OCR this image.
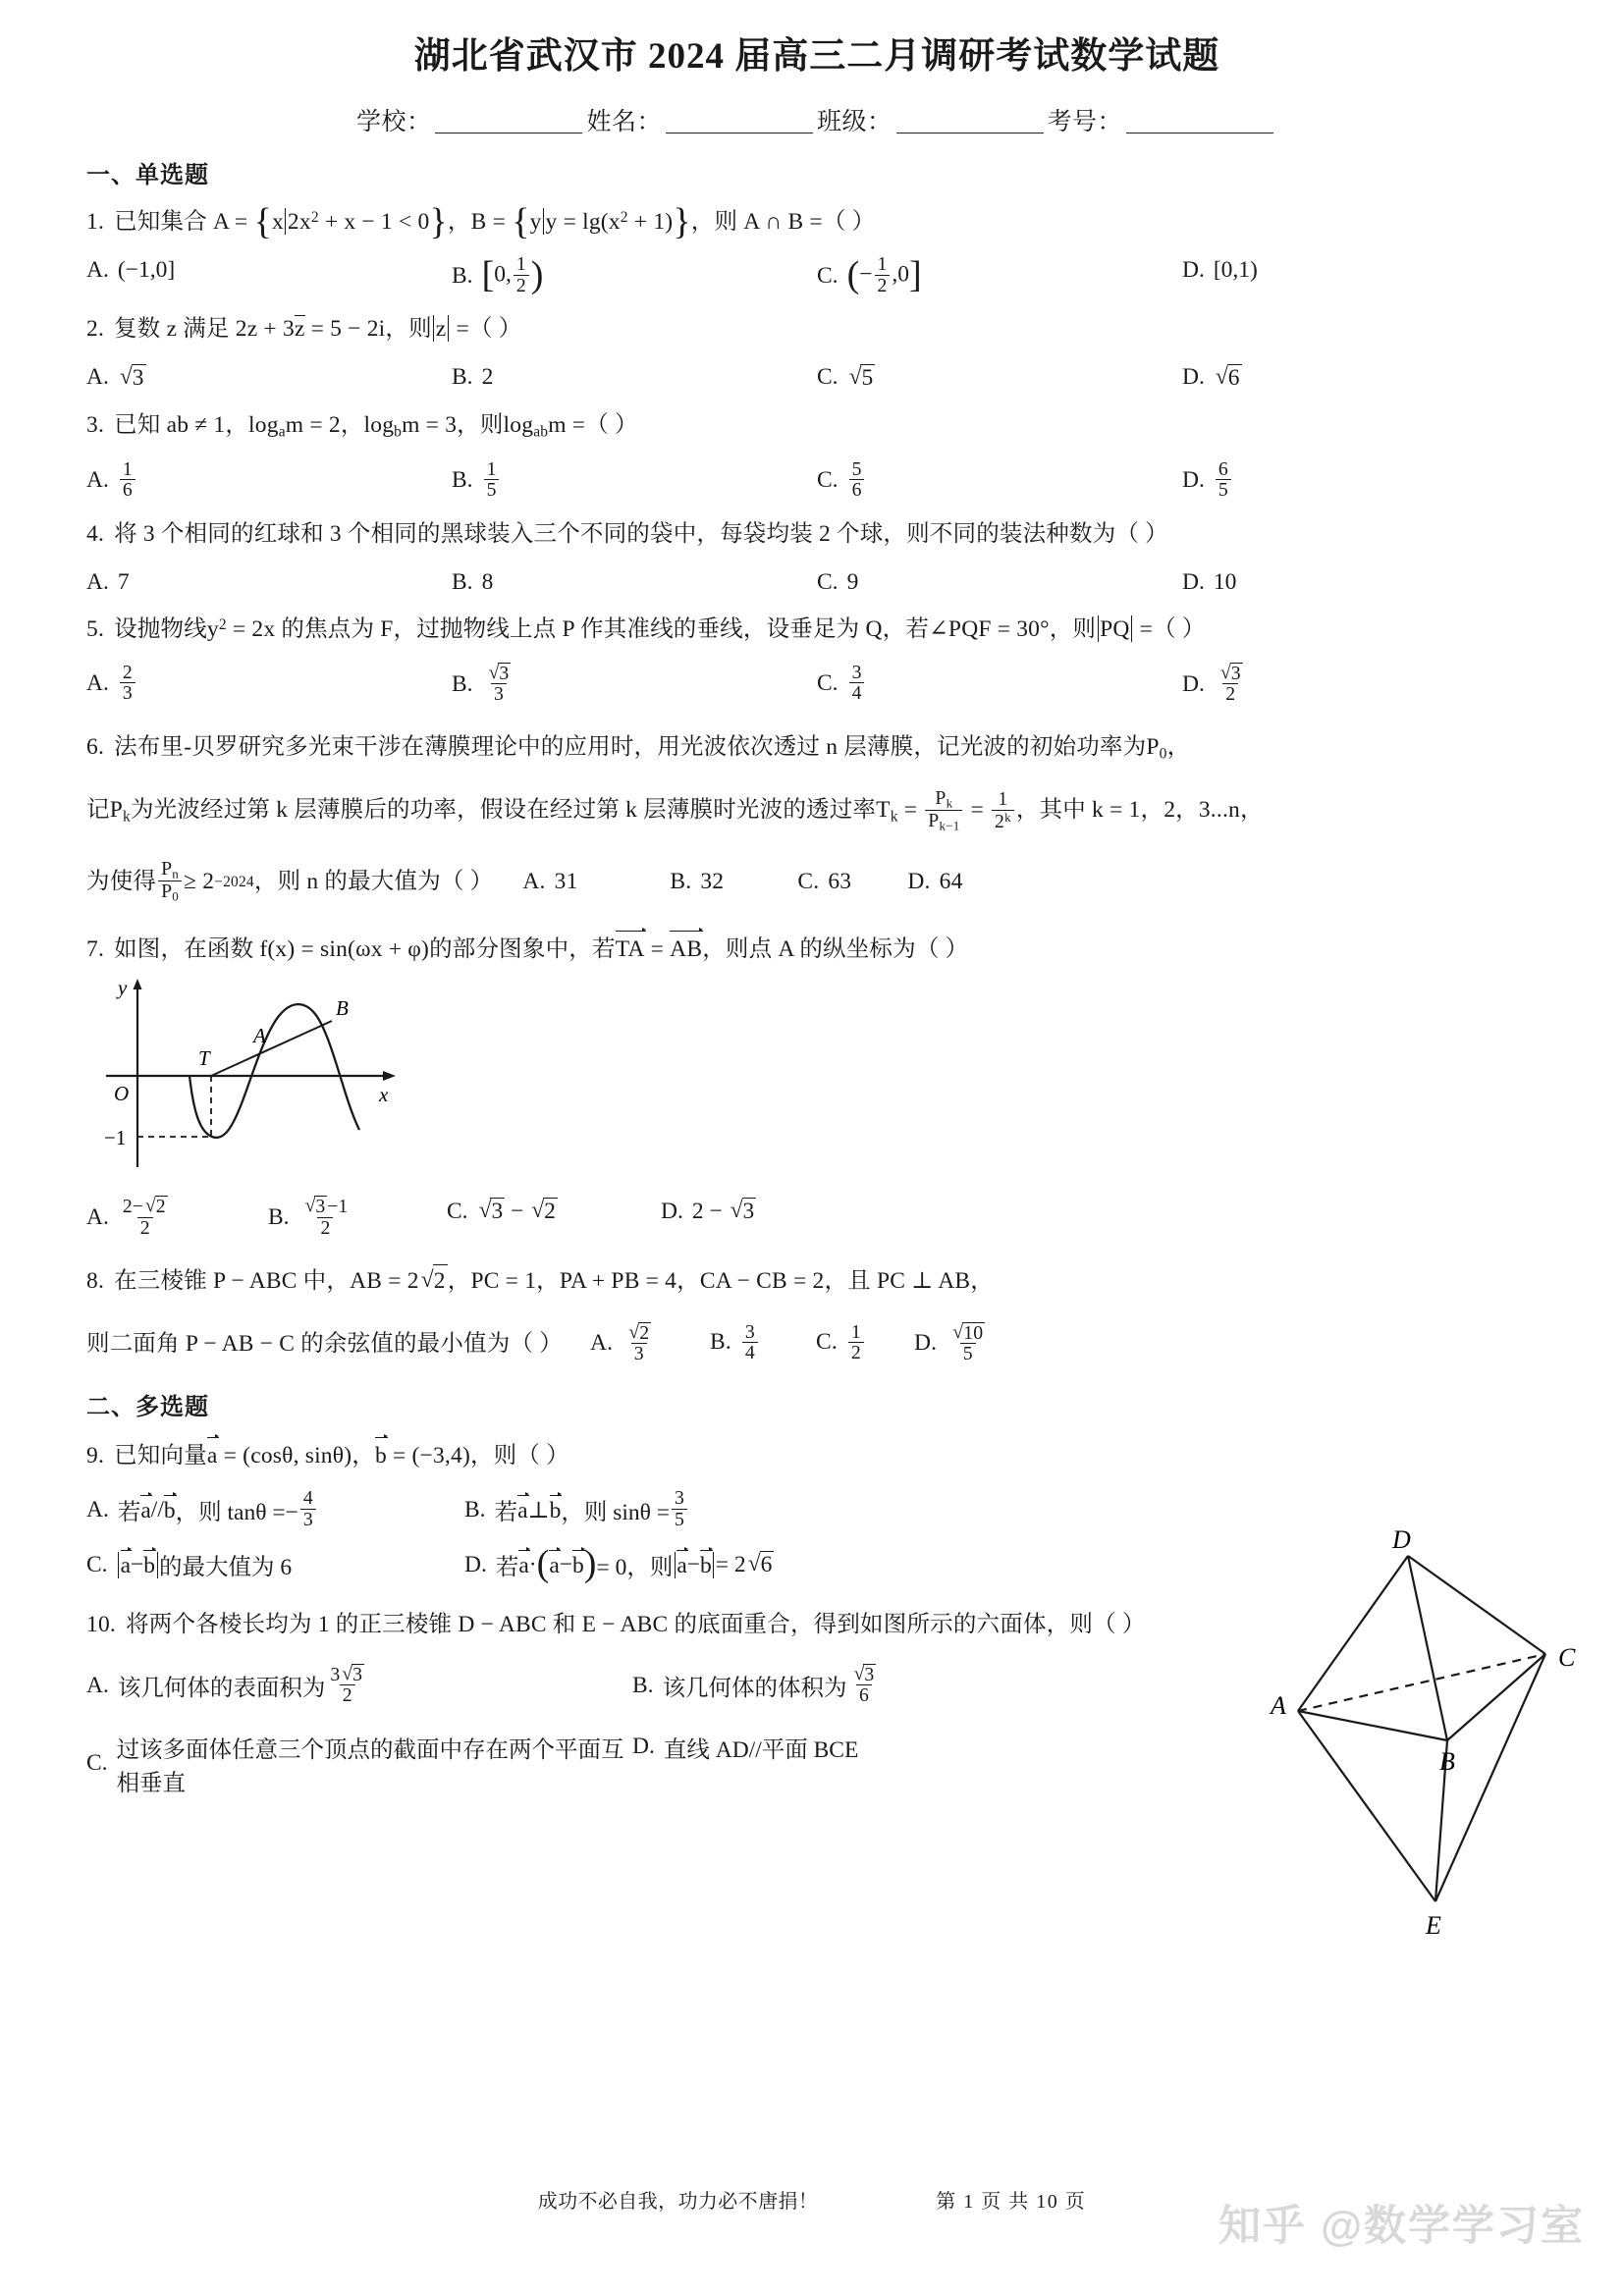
湖北省武汉市 2024 届高三二月调研考试数学试题
学校：	姓名：	班级：	考号：
一、单选题
1. 已知集合 A = {x $2x^2 + x - 1 < 0$}，B = {y $y = \lg(x^2 + 1)$}，则 A ∩ B =（ ）
A. (−1,0]	B. [0, $\frac{1}{2}$ )	C. (− $\frac{1}{2} ,0$]	D. [0,1)
2. 复数 z 满足 2z + 3z = 5 − 2i，则 z =（ ）
A. √3	B. 2	C. √5	D. √6
3. 已知 ab ≠ 1，$\log_am = 2$，$\log_bm = 3$，则$\log_{ab}m$ =（ ）
A. $\frac{1}{6}$	B. $\frac{1}{5}$	C. $\frac{5}{6}$	D. $\frac{6}{5}$
4. 将 3 个相同的红球和 3 个相同的黑球装入三个不同的袋中，每袋均装 2 个球，则不同的装法种数为（ ）
A. 7	B. 8	C. 9	D. 10
5. 设抛物线$y^2 = 2x$ 的焦点为 F，过抛物线上点 P 作其准线的垂线，设垂足为 Q，若∠PQF = 30°，则 PQ =（ ）
A. $\frac{2}{3}$	B. $\frac{√3}{3}$	C. $\frac{3}{4}$	D. $\frac{√3}{2}$
6. 法布里-贝罗研究多光束干涉在薄膜理论中的应用时，用光波依次透过 n 层薄膜，记光波的初始功率为$P_0$，
记$P_k$为光波经过第 k 层薄膜后的功率，假设在经过第 k 层薄膜时光波的透过率$T_k = \frac{P_k}{P_{k-1}} = \frac{1}{2^k}$ ，其中 k = 1，2，3...n，
为使得 $\frac{P_n}{P_0} \ge 2 -2024$ ，则 n 的最大值为（ ） A. 31	B. 32	C. 63	D. 64
7. 如图，在函数 f(x) = sin(ωx + φ)的部分图象中，若TA = AB，则点 A 的纵坐标为（ ）
y
x
O
T
A
B
−1
A. $\frac{2- √2}{2}$	B. $\frac{√3 -1}{2}$	C. √3 − √2	D. 2 − √3
8. 在三棱锥 P − ABC 中，AB = 2√2，PC = 1，PA + PB = 4，CA − CB = 2，且 PC ⊥ AB，
则二面角 P − AB − C 的余弦值的最小值为（ ） A. $\frac{√2}{3} B$. $\frac{3}{4}$	C. $\frac{1}{2} D$. $\frac{√10}{5}$
二、多选题
9. 已知向量a = (cosθ, sinθ)，b = (−3,4)，则（ ）
A. 若 a // b ，则 $\tan\theta =- \frac{4}{3}$	B. 若 a ⊥ b ，则 $\sin\theta = \frac{3}{5}$
C. a − b 的最大值为 6	D. 若 a · ( a − b ) = 0，则 a − b = 2 √6
10. 将两个各棱长均为 1 的正三棱锥 D − ABC 和 E − ABC 的底面重合，得到如图所示的六面体，则（ ）
A. 该几何体的表面积为 $\frac{3 √3}{2}$	B. 该几何体的体积为 $\frac{√3}{6}$
C.
过该多面体任意三个顶点的截面中存在两个平面互相垂直
D. 直线 AD//平面 BCE
D
C
A
B
E
成功不必自我，功力必不唐捐！	第 1 页 共 10 页
知乎 @数学学习室
